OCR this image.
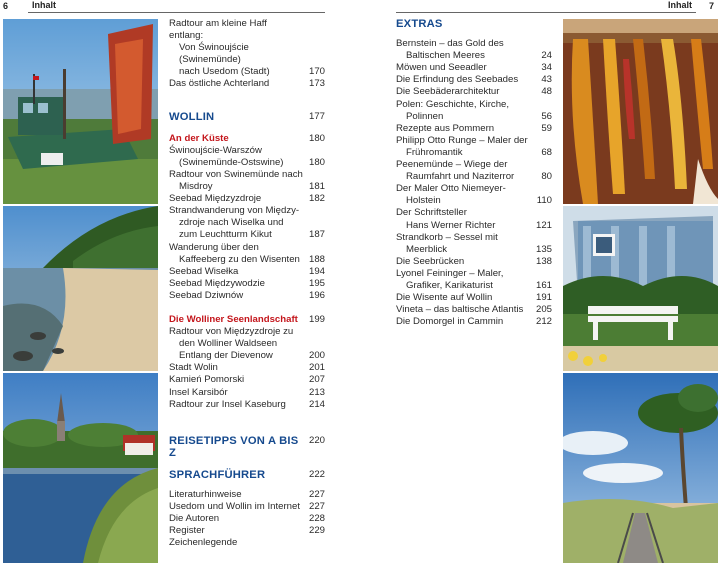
6	Inhalt
Radtour am kleine Haff entlang:
Von Świnoujście (Swinemünde)
nach Usedom (Stadt)	170
Das östliche Achterland	173
WOLLIN	177
An der Küste	180
Świnoujście-Warszów
(Swinemünde-Ostswine)	180
Radtour von Swinemünde nach
Misdroy	181
Seebad Międzyzdroje	182
Strandwanderung von Między-
zdroje nach Wiselka und
zum Leuchtturm Kikut	187
Wanderung über den
Kaffeeberg zu den Wisenten 188
Seebad Wisełka	194
Seebad Międzywodzie	195
Seebad Dziwnów	196
Die Wolliner Seenlandschaft	199
Radtour von Międzyzdroje zu
den Wolliner Waldseen
Entlang der Dievenow	200
Stadt Wolin	201
Kamień Pomorski	207
Insel Karsibór	213
Radtour zur Insel Kaseburg	214
REISETIPPS VON A BIS Z
220
SPRACHFÜHRER	222
Literaturhinweise	227
Usedom und Wollin im Internet 227
Die Autoren	228
Register	229
Zeichenlegende
Inhalt 7
EXTRAS
Bernstein – das Gold des
Baltischen Meeres	24
Möwen und Seeadler	34
Die Erfindung des Seebades	43
Die Seebäderarchitektur	48
Polen: Geschichte, Kirche,
Polinnen	56
Rezepte aus Pommern	59
Philipp Otto Runge – Maler der
Frühromantik	68
Peenemünde – Wiege der
Raumfahrt und Naziterror	80
Der Maler Otto Niemeyer-
Holstein	110
Der Schriftsteller
Hans Werner Richter	121
Strandkorb – Sessel mit
Meerblick	135
Die Seebrücken	138
Lyonel Feininger – Maler,
Grafiker, Karikaturist	161
Die Wisente auf Wollin	191
Vineta – das baltische Atlantis	205
Die Domorgel in Cammin	212
